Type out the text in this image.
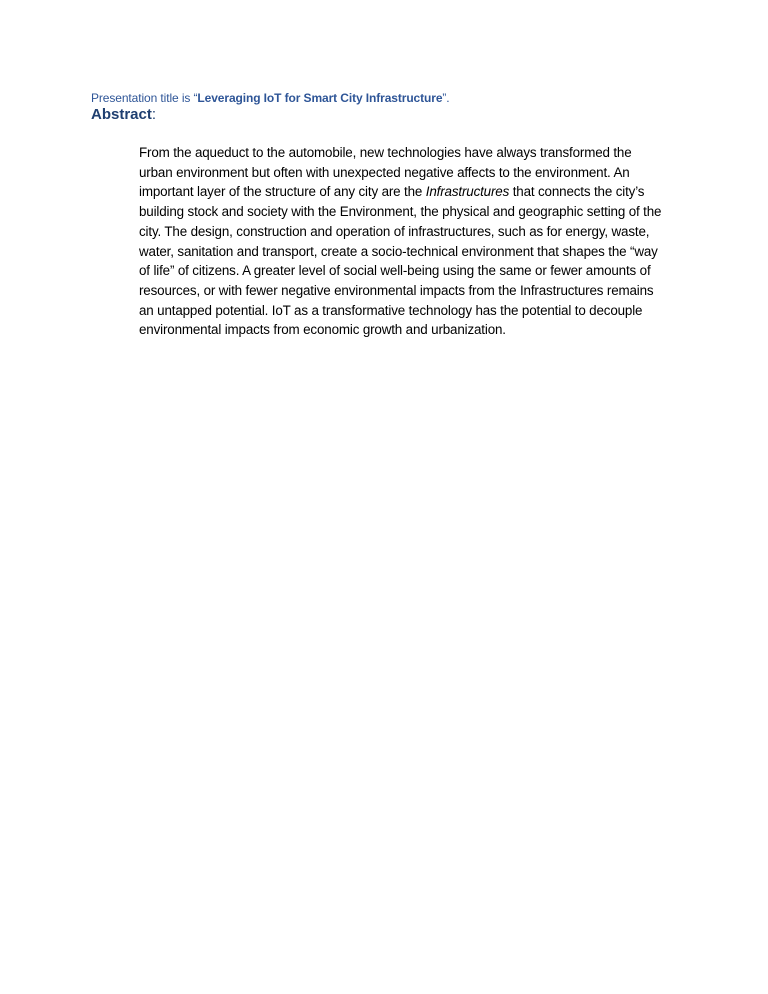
Presentation title is “Leveraging IoT for Smart City Infrastructure”.
Abstract:

From the aqueduct to the automobile, new technologies have always transformed the urban environment but often with unexpected negative affects to the environment. An important layer of the structure of any city are the Infrastructures that connects the city’s building stock and society with the Environment, the physical and geographic setting of the city. The design, construction and operation of infrastructures, such as for energy, waste, water, sanitation and transport, create a socio-technical environment that shapes the “way of life” of citizens. A greater level of social well-being using the same or fewer amounts of resources, or with fewer negative environmental impacts from the Infrastructures remains an untapped potential. IoT as a transformative technology has the potential to decouple environmental impacts from economic growth and urbanization.
